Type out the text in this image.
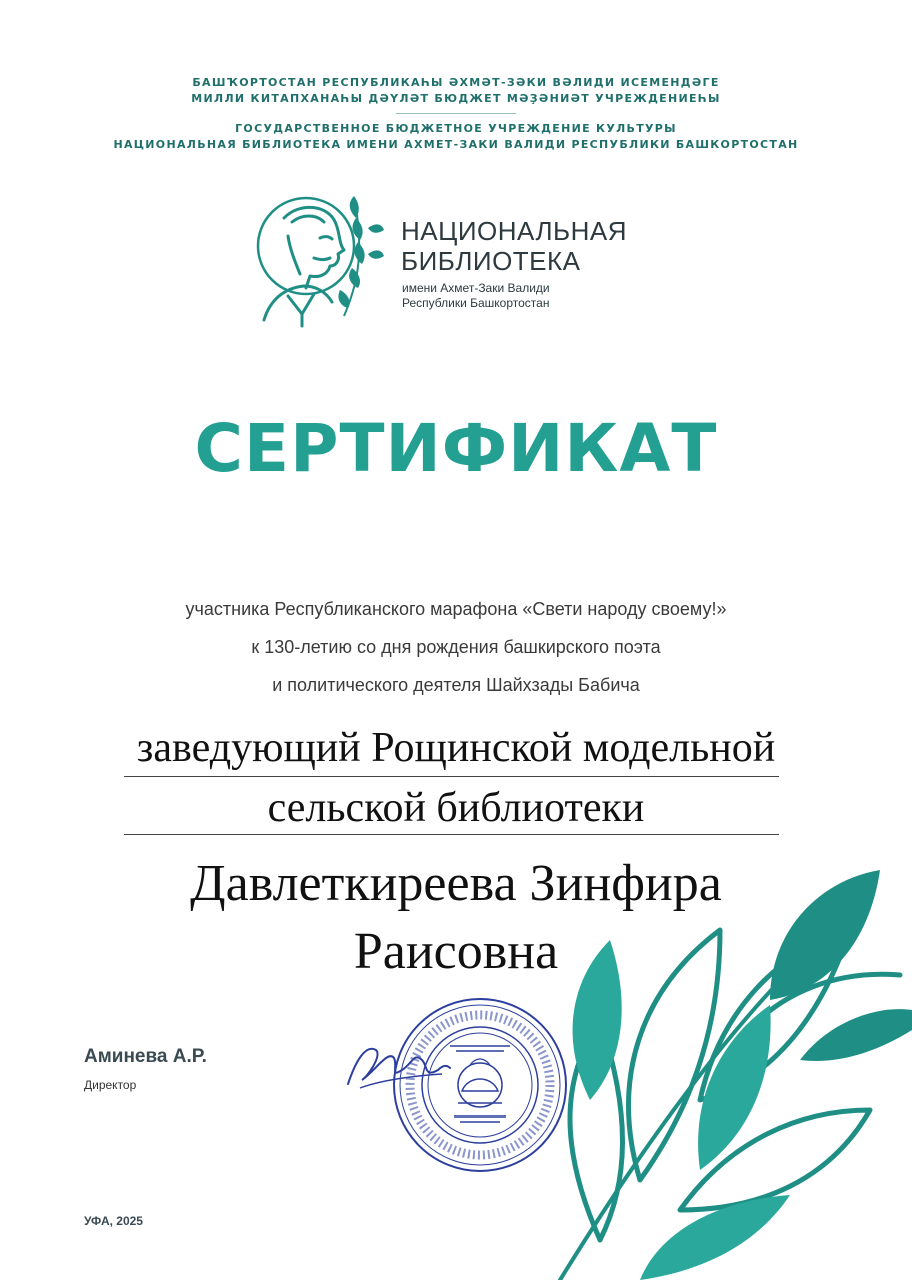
БАШҠОРТОСТАН РЕСПУБЛИКАҺЫ ӘХМӘТ-ЗӘКИ ВӘЛИДИ ИСЕМЕНДӘГЕ
МИЛЛИ КИТАПХАНАҺЫ ДӘҮЛӘТ БЮДЖЕТ МӘҘӘНИӘТ УЧРЕЖДЕНИЕҺЫ
ГОСУДАРСТВЕННОЕ БЮДЖЕТНОЕ УЧРЕЖДЕНИЕ КУЛЬТУРЫ
НАЦИОНАЛЬНАЯ БИБЛИОТЕКА ИМЕНИ АХМЕТ-ЗАКИ ВАЛИДИ РЕСПУБЛИКИ БАШКОРТОСТАН
НАЦИОНАЛЬНАЯ
БИБЛИОТЕКА
имени Ахмет-Заки Валиди
Республики Башкортостан
СЕРТИФИКАТ
участника Республиканского марафона «Свети народу своему!»
к 130-летию со дня рождения башкирского поэта
и политического деятеля Шайхзады Бабича
заведующий Рощинской модельной
сельской библиотеки
Давлеткиреева Зинфира
Раисовна
Аминева А.Р.
Директор
УФА, 2025
